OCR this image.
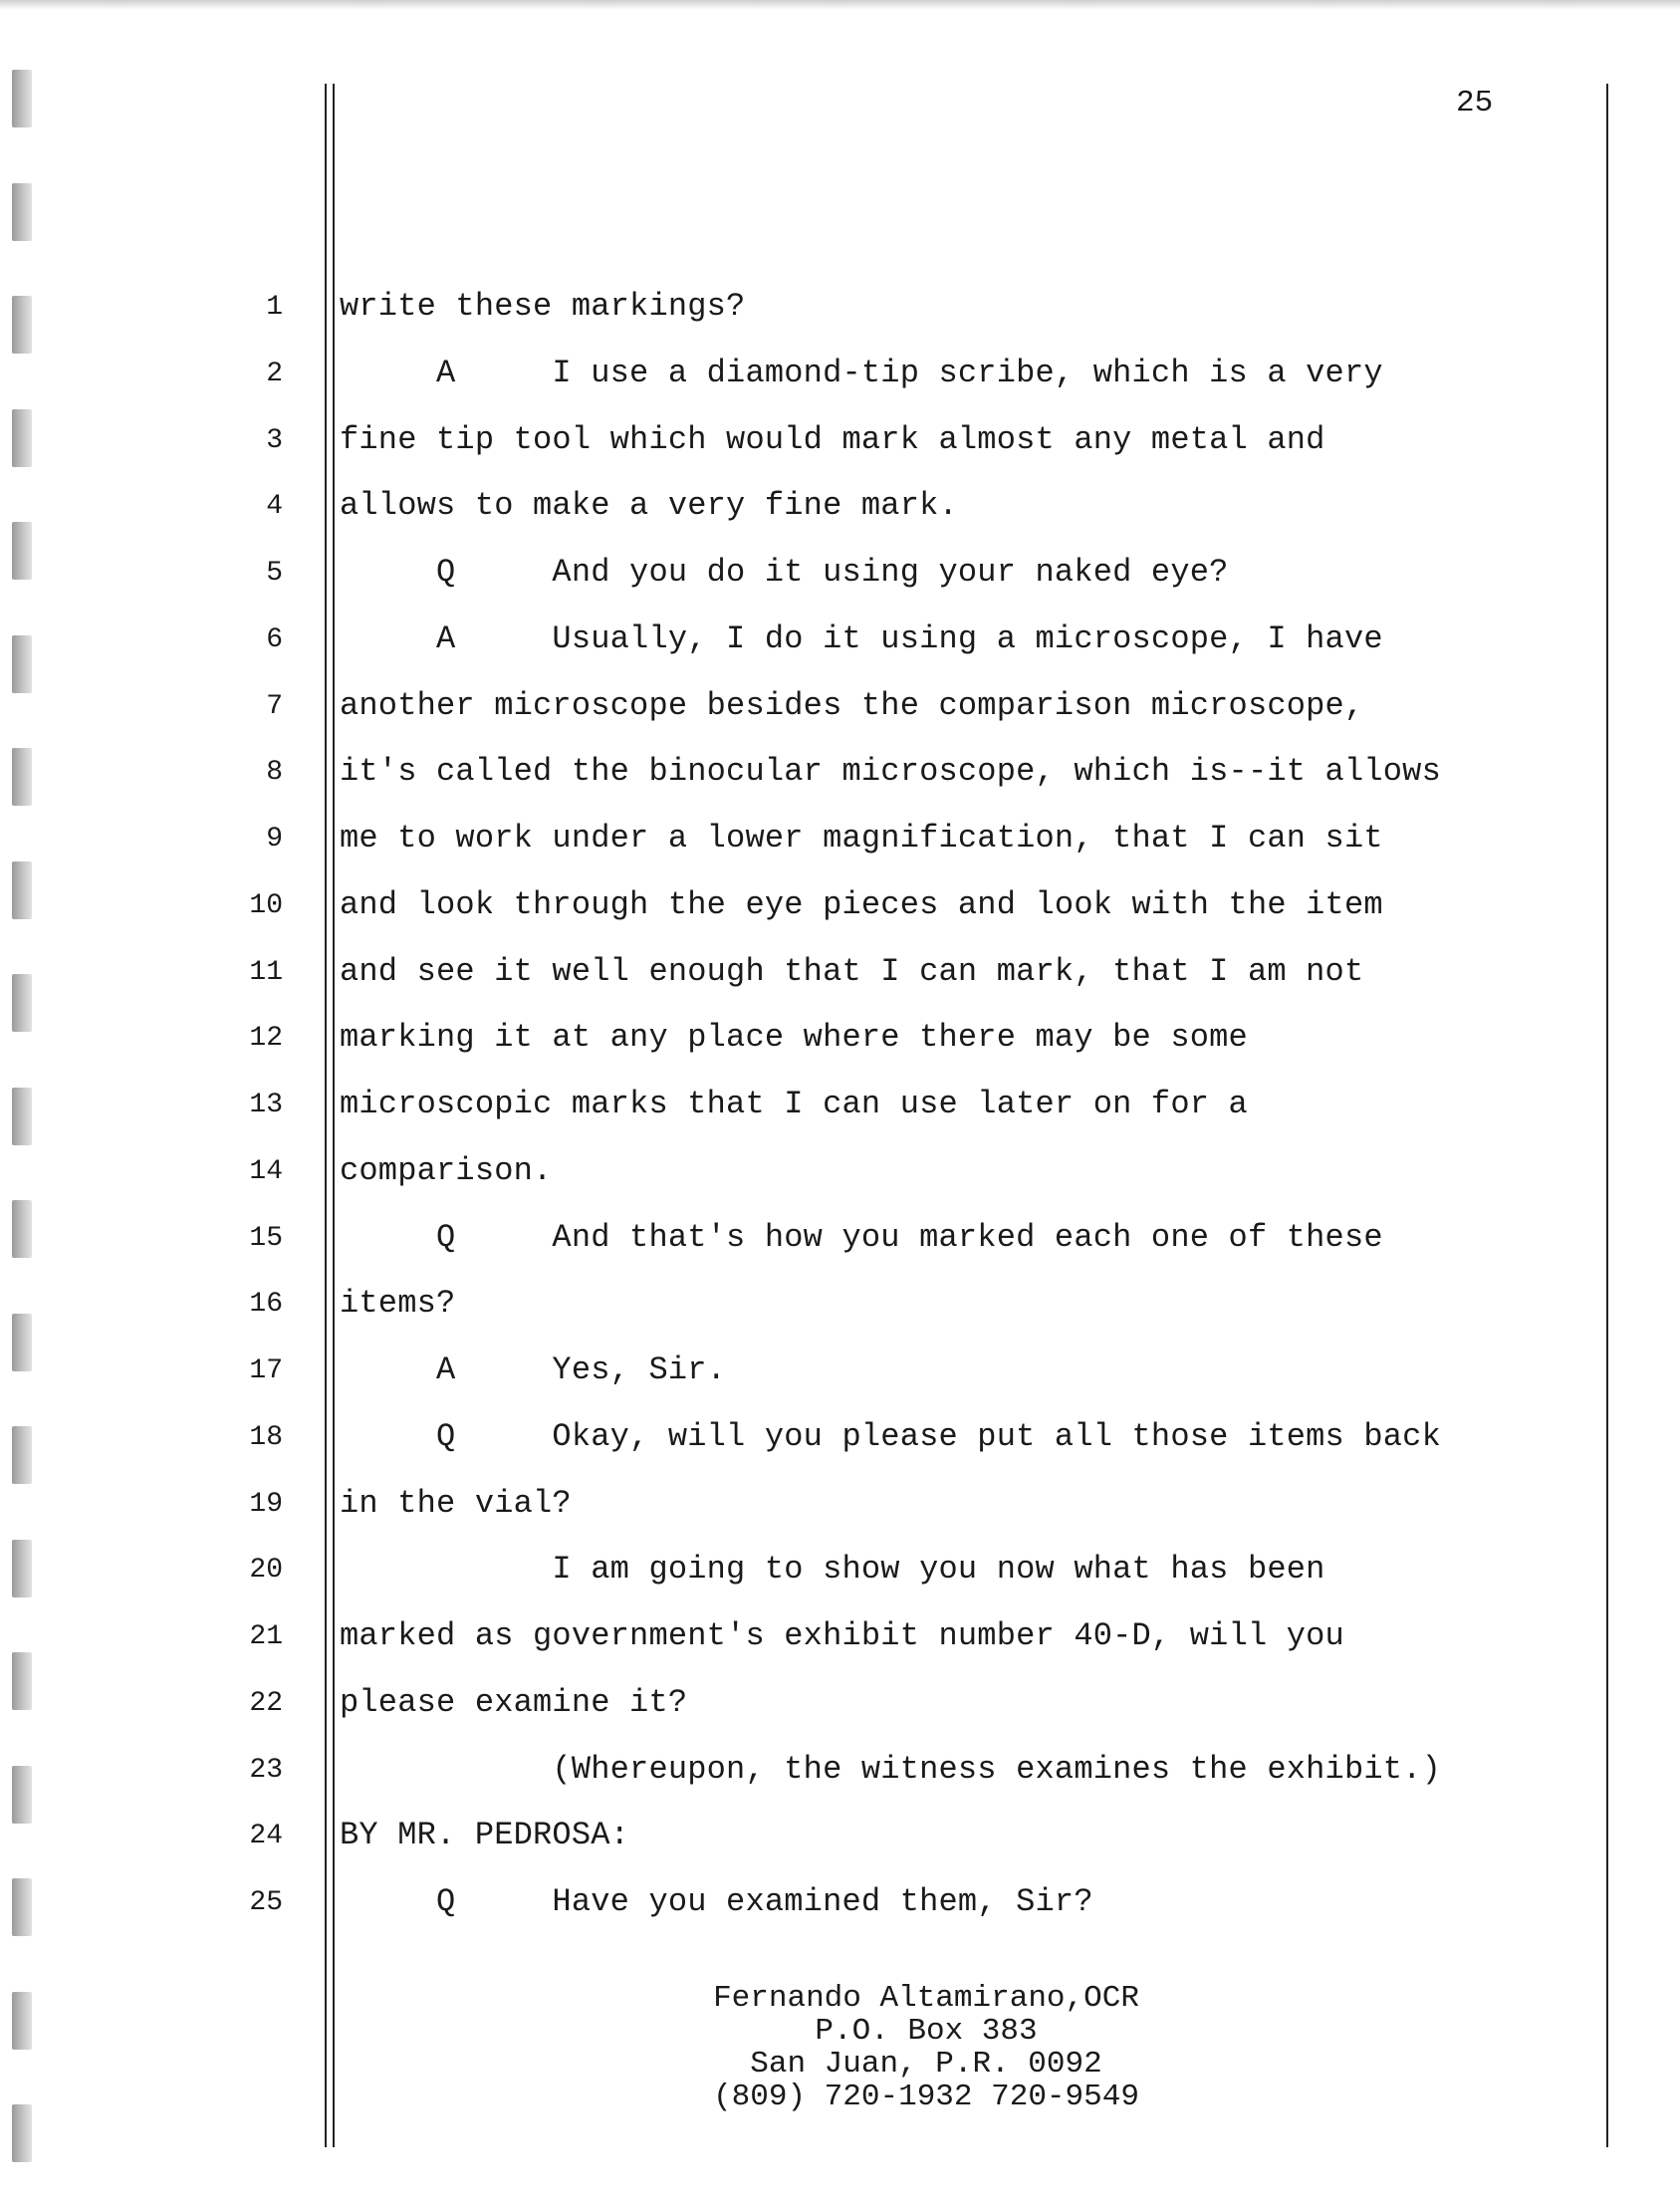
25
1 write these markings?
2 A     I use a diamond-tip scribe, which is a very
3 fine tip tool which would mark almost any metal and
4 allows to make a very fine mark.
5 Q     And you do it using your naked eye?
6 A     Usually, I do it using a microscope, I have
7 another microscope besides the comparison microscope,
8 it's called the binocular microscope, which is--it allows
9 me to work under a lower magnification, that I can sit
10 and look through the eye pieces and look with the item
11 and see it well enough that I can mark, that I am not
12 marking it at any place where there may be some
13 microscopic marks that I can use later on for a
14 comparison.
15 Q     And that's how you marked each one of these
16 items?
17 A     Yes, Sir.
18 Q     Okay, will you please put all those items back
19 in the vial?
20 I am going to show you now what has been
21 marked as government's exhibit number 40-D, will you
22 please examine it?
23 (Whereupon, the witness examines the exhibit.)
24 BY MR. PEDROSA:
25 Q     Have you examined them, Sir?
Fernando Altamirano,OCR
P.O. Box 383
San Juan, P.R. 0092
(809) 720-1932 720-9549
